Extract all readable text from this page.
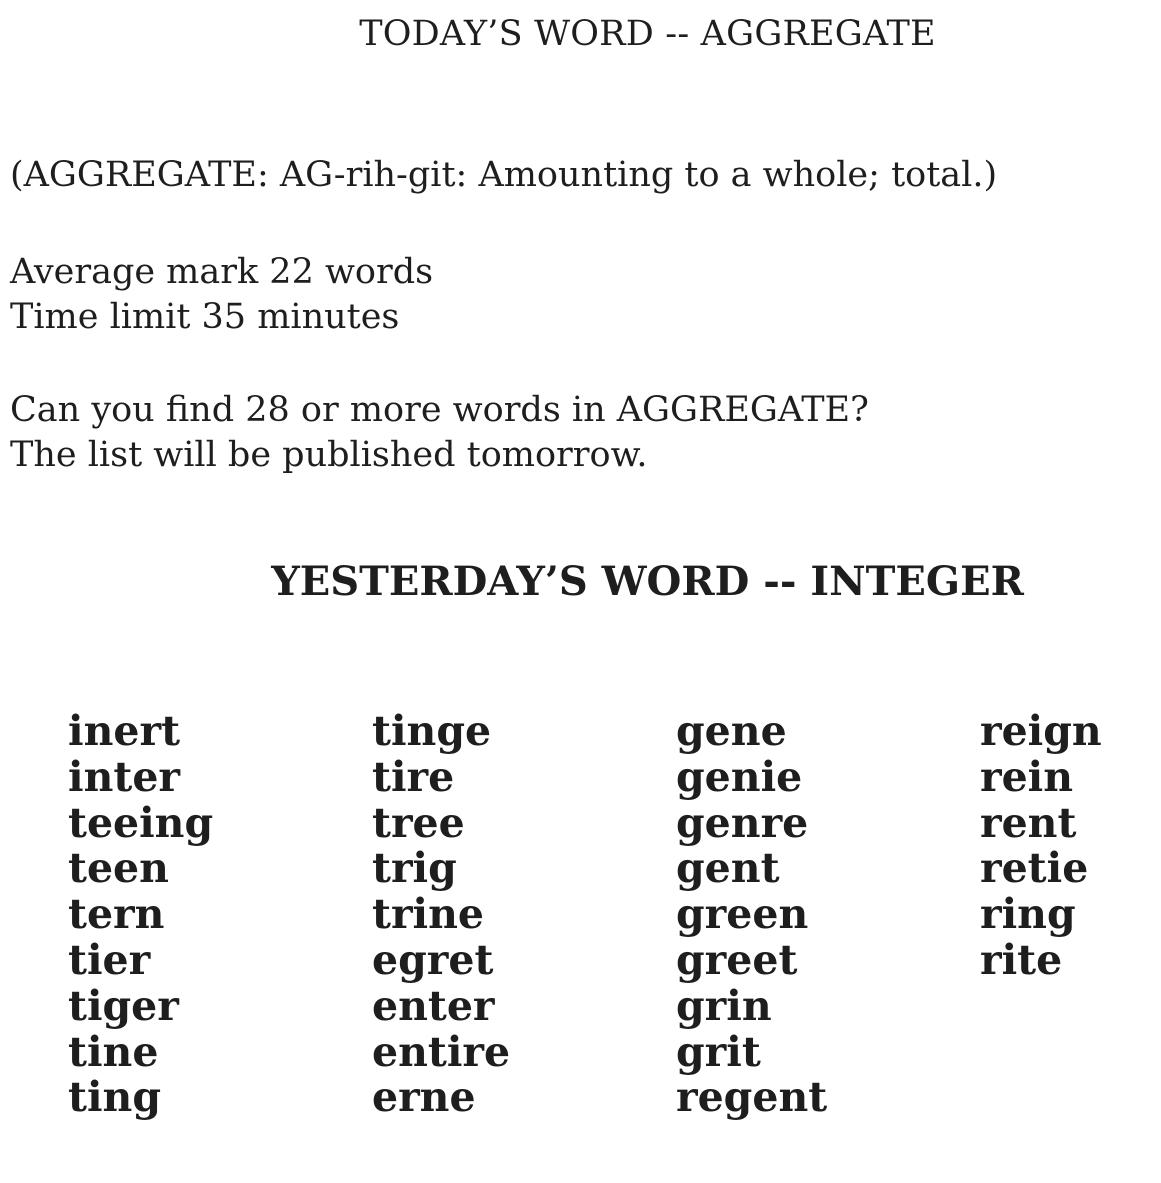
TODAY’S WORD -- AGGREGATE
(AGGREGATE: AG-rih-git: Amounting to a whole; total.)
Average mark 22 words
Time limit 35 minutes
Can you find 28 or more words in AGGREGATE?
The list will be published tomorrow.
YESTERDAY’S WORD -- INTEGER
inert
inter
teeing
teen
tern
tier
tiger
tine
ting
tinge
tire
tree
trig
trine
egret
enter
entire
erne
gene
genie
genre
gent
green
greet
grin
grit
regent
reign
rein
rent
retie
ring
rite
